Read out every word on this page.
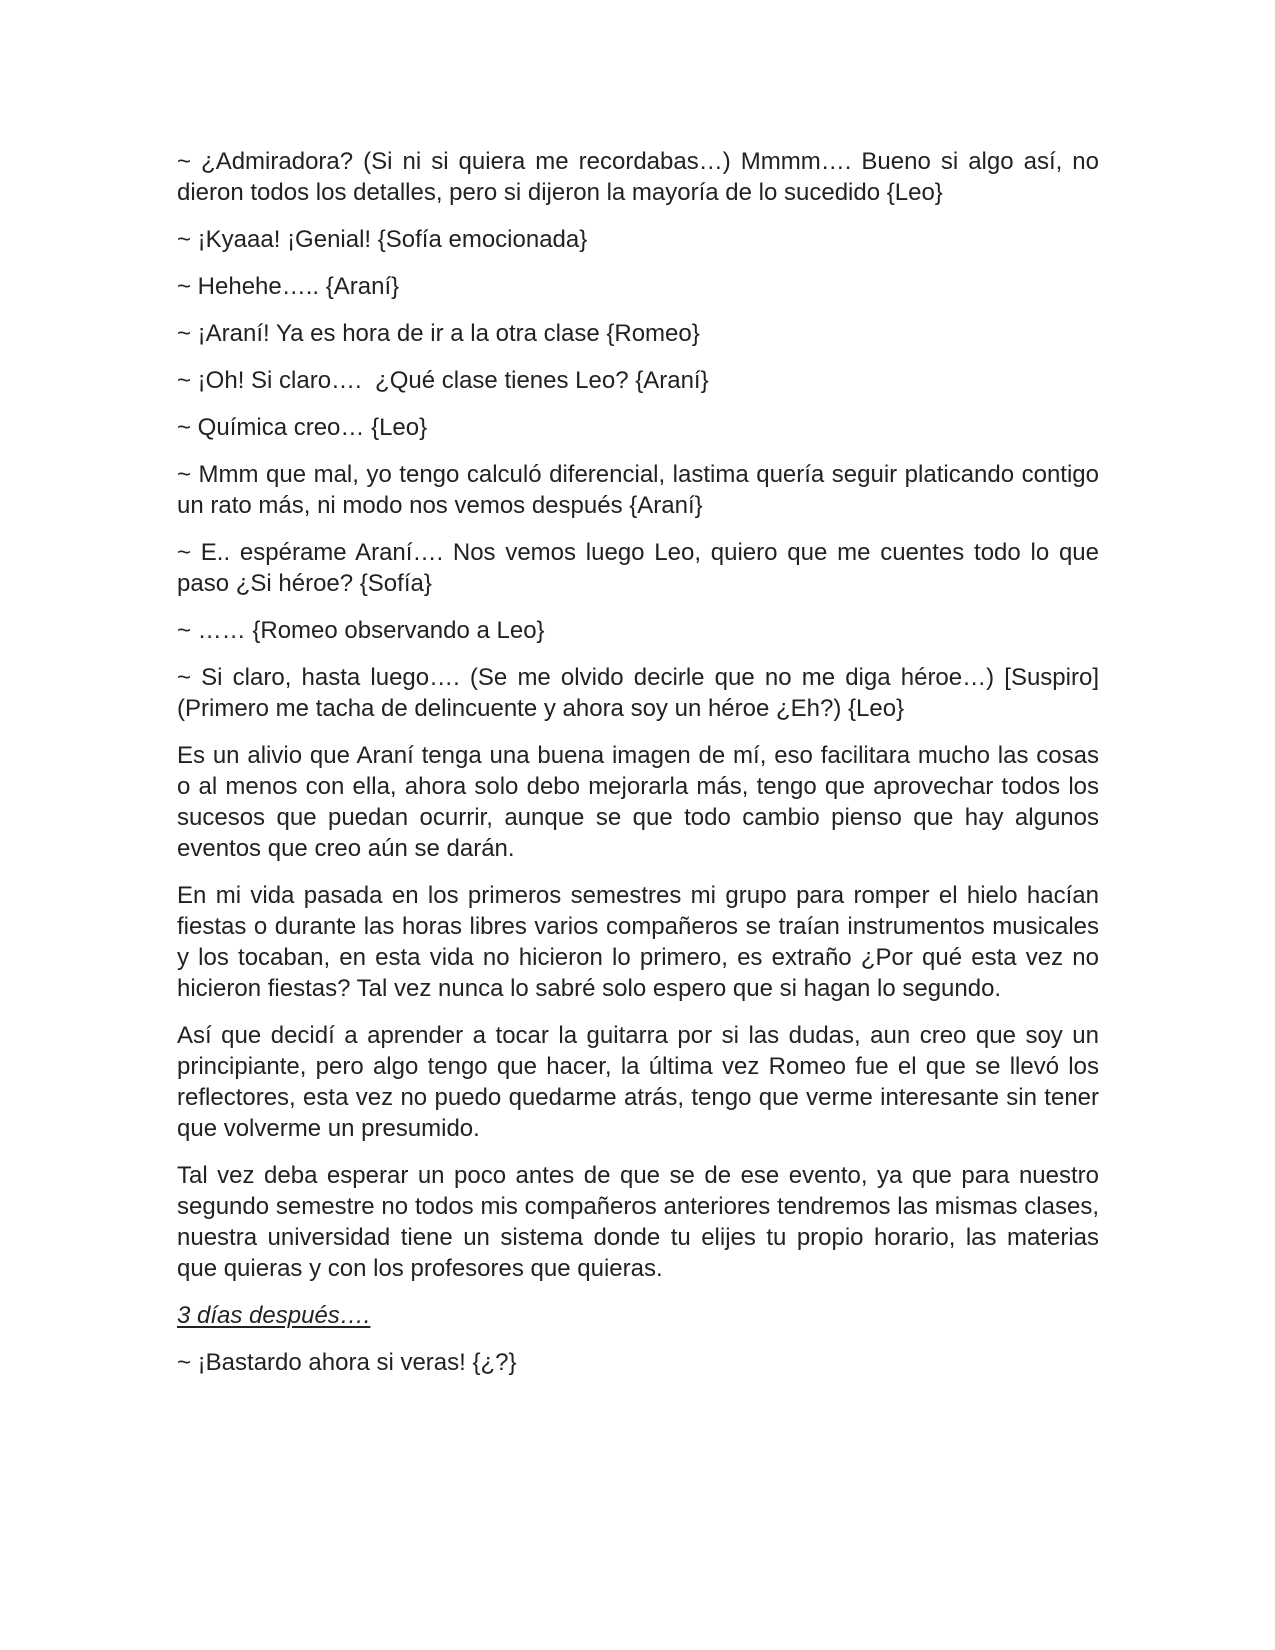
~ ¿Admiradora? (Si ni si quiera me recordabas…) Mmmm…. Bueno si algo así, no dieron todos los detalles, pero si dijeron la mayoría de lo sucedido {Leo}

~ ¡Kyaaa! ¡Genial! {Sofía emocionada}

~ Hehehe….. {Araní}

~ ¡Araní! Ya es hora de ir a la otra clase {Romeo}

~ ¡Oh! Si claro….  ¿Qué clase tienes Leo? {Araní}

~ Química creo… {Leo}

~ Mmm que mal, yo tengo calculó diferencial, lastima quería seguir platicando contigo un rato más, ni modo nos vemos después {Araní}

~ E.. espérame Araní…. Nos vemos luego Leo, quiero que me cuentes todo lo que paso ¿Si héroe? {Sofía}

~ …… {Romeo observando a Leo}

~ Si claro, hasta luego…. (Se me olvido decirle que no me diga héroe…) [Suspiro] (Primero me tacha de delincuente y ahora soy un héroe ¿Eh?) {Leo}

Es un alivio que Araní tenga una buena imagen de mí, eso facilitara mucho las cosas o al menos con ella, ahora solo debo mejorarla más, tengo que aprovechar todos los sucesos que puedan ocurrir, aunque se que todo cambio pienso que hay algunos eventos que creo aún se darán.

En mi vida pasada en los primeros semestres mi grupo para romper el hielo hacían fiestas o durante las horas libres varios compañeros se traían instrumentos musicales y los tocaban, en esta vida no hicieron lo primero, es extraño ¿Por qué esta vez no hicieron fiestas? Tal vez nunca lo sabré solo espero que si hagan lo segundo.

Así que decidí a aprender a tocar la guitarra por si las dudas, aun creo que soy un principiante, pero algo tengo que hacer, la última vez Romeo fue el que se llevó los reflectores, esta vez no puedo quedarme atrás, tengo que verme interesante sin tener que volverme un presumido.

Tal vez deba esperar un poco antes de que se de ese evento, ya que para nuestro segundo semestre no todos mis compañeros anteriores tendremos las mismas clases, nuestra universidad tiene un sistema donde tu elijes tu propio horario, las materias que quieras y con los profesores que quieras.

3 días después….

~ ¡Bastardo ahora si veras! {¿?}
